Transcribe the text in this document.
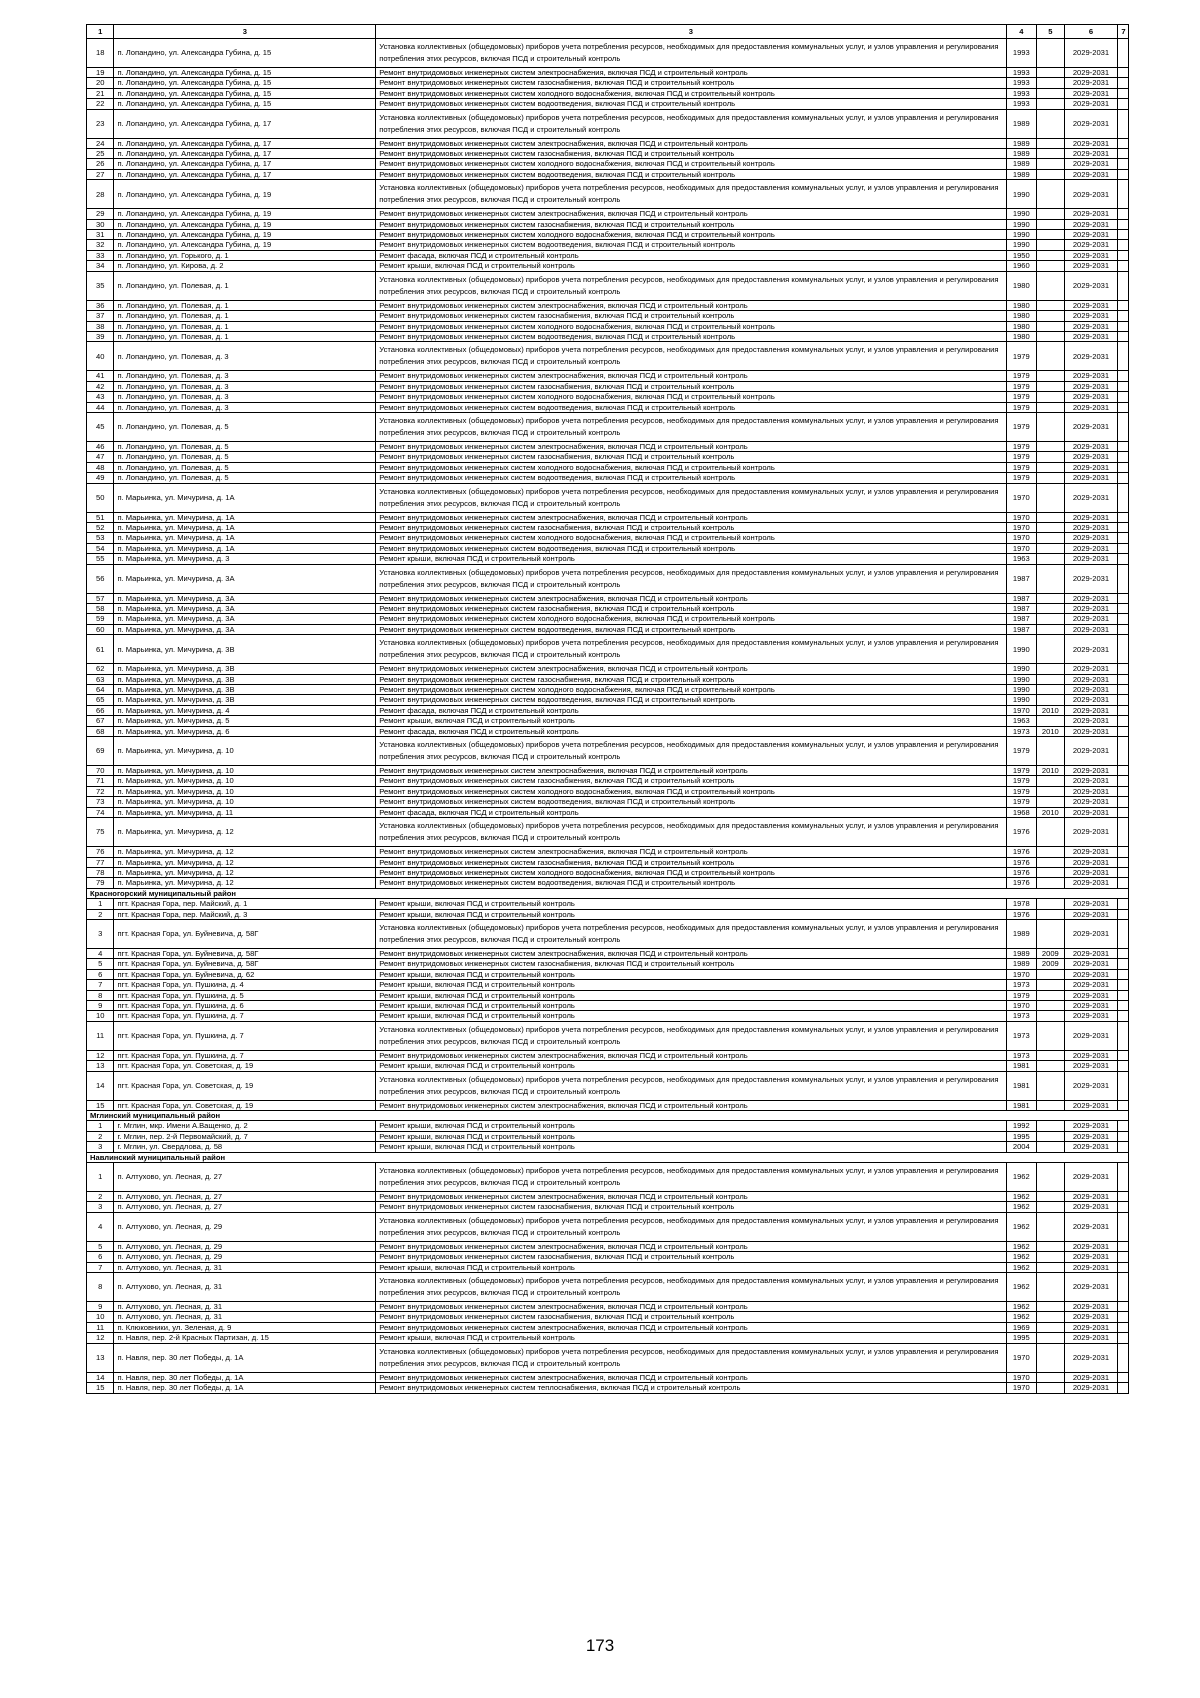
1	3	3	4	5	6	7
18	п. Лопандино, ул. Александра Губина, д. 15	Установка коллективных (общедомовых) приборов учета потребления ресурсов, необходимых для предоставления коммунальных услуг, и узлов управления и регулирования потребления этих ресурсов, включая ПСД и строительный контроль	1993		2029-2031	
19	п. Лопандино, ул. Александра Губина, д. 15	Ремонт внутридомовых инженерных систем электроснабжения, включая ПСД и строительный контроль	1993		2029-2031	
20	п. Лопандино, ул. Александра Губина, д. 15	Ремонт внутридомовых инженерных систем газоснабжения, включая ПСД и строительный контроль	1993		2029-2031	
21	п. Лопандино, ул. Александра Губина, д. 15	Ремонт внутридомовых инженерных систем холодного водоснабжения, включая ПСД и строительный контроль	1993		2029-2031	
22	п. Лопандино, ул. Александра Губина, д. 15	Ремонт внутридомовых инженерных систем водоотведения, включая ПСД и строительный контроль	1993		2029-2031	
23	п. Лопандино, ул. Александра Губина, д. 17	Установка коллективных (общедомовых) приборов учета потребления ресурсов, необходимых для предоставления коммунальных услуг, и узлов управления и регулирования потребления этих ресурсов, включая ПСД и строительный контроль	1989		2029-2031	
24	п. Лопандино, ул. Александра Губина, д. 17	Ремонт внутридомовых инженерных систем электроснабжения, включая ПСД и строительный контроль	1989		2029-2031	
25	п. Лопандино, ул. Александра Губина, д. 17	Ремонт внутридомовых инженерных систем газоснабжения, включая ПСД и строительный контроль	1989		2029-2031	
26	п. Лопандино, ул. Александра Губина, д. 17	Ремонт внутридомовых инженерных систем холодного водоснабжения, включая ПСД и строительный контроль	1989		2029-2031	
27	п. Лопандино, ул. Александра Губина, д. 17	Ремонт внутридомовых инженерных систем водоотведения, включая ПСД и строительный контроль	1989		2029-2031	
28	п. Лопандино, ул. Александра Губина, д. 19	Установка коллективных (общедомовых) приборов учета потребления ресурсов, необходимых для предоставления коммунальных услуг, и узлов управления и регулирования потребления этих ресурсов, включая ПСД и строительный контроль	1990		2029-2031	
29	п. Лопандино, ул. Александра Губина, д. 19	Ремонт внутридомовых инженерных систем электроснабжения, включая ПСД и строительный контроль	1990		2029-2031	
30	п. Лопандино, ул. Александра Губина, д. 19	Ремонт внутридомовых инженерных систем газоснабжения, включая ПСД и строительный контроль	1990		2029-2031	
31	п. Лопандино, ул. Александра Губина, д. 19	Ремонт внутридомовых инженерных систем холодного водоснабжения, включая ПСД и строительный контроль	1990		2029-2031	
32	п. Лопандино, ул. Александра Губина, д. 19	Ремонт внутридомовых инженерных систем водоотведения, включая ПСД и строительный контроль	1990		2029-2031	
33	п. Лопандино, ул. Горького, д. 1	Ремонт фасада, включая ПСД и строительный контроль	1950		2029-2031	
34	п. Лопандино, ул. Кирова, д. 2	Ремонт крыши, включая ПСД и строительный контроль	1960		2029-2031	
35	п. Лопандино, ул. Полевая, д. 1	Установка коллективных (общедомовых) приборов учета потребления ресурсов, необходимых для предоставления коммунальных услуг, и узлов управления и регулирования потребления этих ресурсов, включая ПСД и строительный контроль	1980		2029-2031	
36	п. Лопандино, ул. Полевая, д. 1	Ремонт внутридомовых инженерных систем электроснабжения, включая ПСД и строительный контроль	1980		2029-2031	
37	п. Лопандино, ул. Полевая, д. 1	Ремонт внутридомовых инженерных систем газоснабжения, включая ПСД и строительный контроль	1980		2029-2031	
38	п. Лопандино, ул. Полевая, д. 1	Ремонт внутридомовых инженерных систем холодного водоснабжения, включая ПСД и строительный контроль	1980		2029-2031	
39	п. Лопандино, ул. Полевая, д. 1	Ремонт внутридомовых инженерных систем водоотведения, включая ПСД и строительный контроль	1980		2029-2031	
40	п. Лопандино, ул. Полевая, д. 3	Установка коллективных (общедомовых) приборов учета потребления ресурсов, необходимых для предоставления коммунальных услуг, и узлов управления и регулирования потребления этих ресурсов, включая ПСД и строительный контроль	1979		2029-2031	
41	п. Лопандино, ул. Полевая, д. 3	Ремонт внутридомовых инженерных систем электроснабжения, включая ПСД и строительный контроль	1979		2029-2031	
42	п. Лопандино, ул. Полевая, д. 3	Ремонт внутридомовых инженерных систем газоснабжения, включая ПСД и строительный контроль	1979		2029-2031	
43	п. Лопандино, ул. Полевая, д. 3	Ремонт внутридомовых инженерных систем холодного водоснабжения, включая ПСД и строительный контроль	1979		2029-2031	
44	п. Лопандино, ул. Полевая, д. 3	Ремонт внутридомовых инженерных систем водоотведения, включая ПСД и строительный контроль	1979		2029-2031	
45	п. Лопандино, ул. Полевая, д. 5	Установка коллективных (общедомовых) приборов учета потребления ресурсов, необходимых для предоставления коммунальных услуг, и узлов управления и регулирования потребления этих ресурсов, включая ПСД и строительный контроль	1979		2029-2031	
46	п. Лопандино, ул. Полевая, д. 5	Ремонт внутридомовых инженерных систем электроснабжения, включая ПСД и строительный контроль	1979		2029-2031	
47	п. Лопандино, ул. Полевая, д. 5	Ремонт внутридомовых инженерных систем газоснабжения, включая ПСД и строительный контроль	1979		2029-2031	
48	п. Лопандино, ул. Полевая, д. 5	Ремонт внутридомовых инженерных систем холодного водоснабжения, включая ПСД и строительный контроль	1979		2029-2031	
49	п. Лопандино, ул. Полевая, д. 5	Ремонт внутридомовых инженерных систем водоотведения, включая ПСД и строительный контроль	1979		2029-2031	
50	п. Марьинка, ул. Мичурина, д. 1А	Установка коллективных (общедомовых) приборов учета потребления ресурсов, необходимых для предоставления коммунальных услуг, и узлов управления и регулирования потребления этих ресурсов, включая ПСД и строительный контроль	1970		2029-2031	
51	п. Марьинка, ул. Мичурина, д. 1А	Ремонт внутридомовых инженерных систем электроснабжения, включая ПСД и строительный контроль	1970		2029-2031	
52	п. Марьинка, ул. Мичурина, д. 1А	Ремонт внутридомовых инженерных систем газоснабжения, включая ПСД и строительный контроль	1970		2029-2031	
53	п. Марьинка, ул. Мичурина, д. 1А	Ремонт внутридомовых инженерных систем холодного водоснабжения, включая ПСД и строительный контроль	1970		2029-2031	
54	п. Марьинка, ул. Мичурина, д. 1А	Ремонт внутридомовых инженерных систем водоотведения, включая ПСД и строительный контроль	1970		2029-2031	
55	п. Марьинка, ул. Мичурина, д. 3	Ремонт крыши, включая ПСД и строительный контроль	1963		2029-2031	
56	п. Марьинка, ул. Мичурина, д. 3А	Установка коллективных (общедомовых) приборов учета потребления ресурсов, необходимых для предоставления коммунальных услуг, и узлов управления и регулирования потребления этих ресурсов, включая ПСД и строительный контроль	1987		2029-2031	
57	п. Марьинка, ул. Мичурина, д. 3А	Ремонт внутридомовых инженерных систем электроснабжения, включая ПСД и строительный контроль	1987		2029-2031	
58	п. Марьинка, ул. Мичурина, д. 3А	Ремонт внутридомовых инженерных систем газоснабжения, включая ПСД и строительный контроль	1987		2029-2031	
59	п. Марьинка, ул. Мичурина, д. 3А	Ремонт внутридомовых инженерных систем холодного водоснабжения, включая ПСД и строительный контроль	1987		2029-2031	
60	п. Марьинка, ул. Мичурина, д. 3А	Ремонт внутридомовых инженерных систем водоотведения, включая ПСД и строительный контроль	1987		2029-2031	
61	п. Марьинка, ул. Мичурина, д. 3В	Установка коллективных (общедомовых) приборов учета потребления ресурсов, необходимых для предоставления коммунальных услуг, и узлов управления и регулирования потребления этих ресурсов, включая ПСД и строительный контроль	1990		2029-2031	
62	п. Марьинка, ул. Мичурина, д. 3В	Ремонт внутридомовых инженерных систем электроснабжения, включая ПСД и строительный контроль	1990		2029-2031	
63	п. Марьинка, ул. Мичурина, д. 3В	Ремонт внутридомовых инженерных систем газоснабжения, включая ПСД и строительный контроль	1990		2029-2031	
64	п. Марьинка, ул. Мичурина, д. 3В	Ремонт внутридомовых инженерных систем холодного водоснабжения, включая ПСД и строительный контроль	1990		2029-2031	
65	п. Марьинка, ул. Мичурина, д. 3В	Ремонт внутридомовых инженерных систем водоотведения, включая ПСД и строительный контроль	1990		2029-2031	
66	п. Марьинка, ул. Мичурина, д. 4	Ремонт фасада, включая ПСД и строительный контроль	1970	2010	2029-2031	
67	п. Марьинка, ул. Мичурина, д. 5	Ремонт крыши, включая ПСД и строительный контроль	1963		2029-2031	
68	п. Марьинка, ул. Мичурина, д. 6	Ремонт фасада, включая ПСД и строительный контроль	1973	2010	2029-2031	
69	п. Марьинка, ул. Мичурина, д. 10	Установка коллективных (общедомовых) приборов учета потребления ресурсов, необходимых для предоставления коммунальных услуг, и узлов управления и регулирования потребления этих ресурсов, включая ПСД и строительный контроль	1979		2029-2031	
70	п. Марьинка, ул. Мичурина, д. 10	Ремонт внутридомовых инженерных систем электроснабжения, включая ПСД и строительный контроль	1979	2010	2029-2031	
71	п. Марьинка, ул. Мичурина, д. 10	Ремонт внутридомовых инженерных систем газоснабжения, включая ПСД и строительный контроль	1979		2029-2031	
72	п. Марьинка, ул. Мичурина, д. 10	Ремонт внутридомовых инженерных систем холодного водоснабжения, включая ПСД и строительный контроль	1979		2029-2031	
73	п. Марьинка, ул. Мичурина, д. 10	Ремонт внутридомовых инженерных систем водоотведения, включая ПСД и строительный контроль	1979		2029-2031	
74	п. Марьинка, ул. Мичурина, д. 11	Ремонт фасада, включая ПСД и строительный контроль	1968	2010	2029-2031	
75	п. Марьинка, ул. Мичурина, д. 12	Установка коллективных (общедомовых) приборов учета потребления ресурсов, необходимых для предоставления коммунальных услуг, и узлов управления и регулирования потребления этих ресурсов, включая ПСД и строительный контроль	1976		2029-2031	
76	п. Марьинка, ул. Мичурина, д. 12	Ремонт внутридомовых инженерных систем электроснабжения, включая ПСД и строительный контроль	1976		2029-2031	
77	п. Марьинка, ул. Мичурина, д. 12	Ремонт внутридомовых инженерных систем газоснабжения, включая ПСД и строительный контроль	1976		2029-2031	
78	п. Марьинка, ул. Мичурина, д. 12	Ремонт внутридомовых инженерных систем холодного водоснабжения, включая ПСД и строительный контроль	1976		2029-2031	
79	п. Марьинка, ул. Мичурина, д. 12	Ремонт внутридомовых инженерных систем водоотведения, включая ПСД и строительный контроль	1976		2029-2031	
Красногорский муниципальный район						
1	пгт. Красная Гора, пер. Майский, д. 1	Ремонт крыши, включая ПСД и строительный контроль	1978		2029-2031	
2	пгт. Красная Гора, пер. Майский, д. 3	Ремонт крыши, включая ПСД и строительный контроль	1976		2029-2031	
3	пгт. Красная Гора, ул. Буйневича, д. 58Г	Установка коллективных (общедомовых) приборов учета потребления ресурсов, необходимых для предоставления коммунальных услуг, и узлов управления и регулирования потребления этих ресурсов, включая ПСД и строительный контроль	1989		2029-2031	
4	пгт. Красная Гора, ул. Буйневича, д. 58Г	Ремонт внутридомовых инженерных систем электроснабжения, включая ПСД и строительный контроль	1989	2009	2029-2031	
5	пгт. Красная Гора, ул. Буйневича, д. 58Г	Ремонт внутридомовых инженерных систем газоснабжения, включая ПСД и строительный контроль	1989	2009	2029-2031	
6	пгт. Красная Гора, ул. Буйневича, д. 62	Ремонт крыши, включая ПСД и строительный контроль	1970		2029-2031	
7	пгт. Красная Гора, ул. Пушкина, д. 4	Ремонт крыши, включая ПСД и строительный контроль	1973		2029-2031	
8	пгт. Красная Гора, ул. Пушкина, д. 5	Ремонт крыши, включая ПСД и строительный контроль	1979		2029-2031	
9	пгт. Красная Гора, ул. Пушкина, д. 6	Ремонт крыши, включая ПСД и строительный контроль	1970		2029-2031	
10	пгт. Красная Гора, ул. Пушкина, д. 7	Ремонт крыши, включая ПСД и строительный контроль	1973		2029-2031	
11	пгт. Красная Гора, ул. Пушкина, д. 7	Установка коллективных (общедомовых) приборов учета потребления ресурсов, необходимых для предоставления коммунальных услуг, и узлов управления и регулирования потребления этих ресурсов, включая ПСД и строительный контроль	1973		2029-2031	
12	пгт. Красная Гора, ул. Пушкина, д. 7	Ремонт внутридомовых инженерных систем электроснабжения, включая ПСД и строительный контроль	1973		2029-2031	
13	пгт. Красная Гора, ул. Советская, д. 19	Ремонт крыши, включая ПСД и строительный контроль	1981		2029-2031	
14	пгт. Красная Гора, ул. Советская, д. 19	Установка коллективных (общедомовых) приборов учета потребления ресурсов, необходимых для предоставления коммунальных услуг, и узлов управления и регулирования потребления этих ресурсов, включая ПСД и строительный контроль	1981		2029-2031	
15	пгт. Красная Гора, ул. Советская, д. 19	Ремонт внутридомовых инженерных систем электроснабжения, включая ПСД и строительный контроль	1981		2029-2031	
Мглинский муниципальный район						
1	г. Мглин, мкр. Имени А.Ващенко, д. 2	Ремонт крыши, включая ПСД и строительный контроль	1992		2029-2031	
2	г. Мглин, пер. 2-й Первомайский, д. 7	Ремонт крыши, включая ПСД и строительный контроль	1995		2029-2031	
3	г. Мглин, ул. Свердлова, д. 58	Ремонт крыши, включая ПСД и строительный контроль	2004		2029-2031	
Навлинский муниципальный район						
1	п. Алтухово, ул. Лесная, д. 27	Установка коллективных (общедомовых) приборов учета потребления ресурсов, необходимых для предоставления коммунальных услуг, и узлов управления и регулирования потребления этих ресурсов, включая ПСД и строительный контроль	1962		2029-2031	
2	п. Алтухово, ул. Лесная, д. 27	Ремонт внутридомовых инженерных систем электроснабжения, включая ПСД и строительный контроль	1962		2029-2031	
3	п. Алтухово, ул. Лесная, д. 27	Ремонт внутридомовых инженерных систем газоснабжения, включая ПСД и строительный контроль	1962		2029-2031	
4	п. Алтухово, ул. Лесная, д. 29	Установка коллективных (общедомовых) приборов учета потребления ресурсов, необходимых для предоставления коммунальных услуг, и узлов управления и регулирования потребления этих ресурсов, включая ПСД и строительный контроль	1962		2029-2031	
5	п. Алтухово, ул. Лесная, д. 29	Ремонт внутридомовых инженерных систем электроснабжения, включая ПСД и строительный контроль	1962		2029-2031	
6	п. Алтухово, ул. Лесная, д. 29	Ремонт внутридомовых инженерных систем газоснабжения, включая ПСД и строительный контроль	1962		2029-2031	
7	п. Алтухово, ул. Лесная, д. 31	Ремонт крыши, включая ПСД и строительный контроль	1962		2029-2031	
8	п. Алтухово, ул. Лесная, д. 31	Установка коллективных (общедомовых) приборов учета потребления ресурсов, необходимых для предоставления коммунальных услуг, и узлов управления и регулирования потребления этих ресурсов, включая ПСД и строительный контроль	1962		2029-2031	
9	п. Алтухово, ул. Лесная, д. 31	Ремонт внутридомовых инженерных систем электроснабжения, включая ПСД и строительный контроль	1962		2029-2031	
10	п. Алтухово, ул. Лесная, д. 31	Ремонт внутридомовых инженерных систем газоснабжения, включая ПСД и строительный контроль	1962		2029-2031	
11	п. Клюковники, ул. Зеленая, д. 9	Ремонт внутридомовых инженерных систем электроснабжения, включая ПСД и строительный контроль	1969		2029-2031	
12	п. Навля, пер. 2-й Красных Партизан, д. 15	Ремонт крыши, включая ПСД и строительный контроль	1995		2029-2031	
13	п. Навля, пер. 30 лет Победы, д. 1А	Установка коллективных (общедомовых) приборов учета потребления ресурсов, необходимых для предоставления коммунальных услуг, и узлов управления и регулирования потребления этих ресурсов, включая ПСД и строительный контроль	1970		2029-2031	
14	п. Навля, пер. 30 лет Победы, д. 1А	Ремонт внутридомовых инженерных систем электроснабжения, включая ПСД и строительный контроль	1970		2029-2031	
15	п. Навля, пер. 30 лет Победы, д. 1А	Ремонт внутридомовых инженерных систем теплоснабжения, включая ПСД и строительный контроль	1970		2029-2031	
173
